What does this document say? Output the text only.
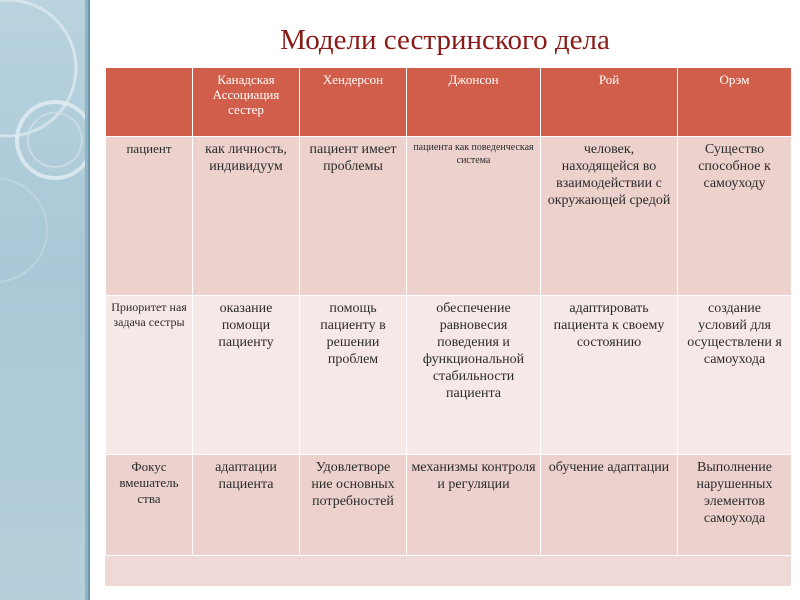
Модели сестринского дела
	Канадская Ассоциация сестер	Хендерсон	Джонсон	Рой	Орэм
пациент	как личность, индивидуум	пациент имеет проблемы	пациента как поведенческая система	человек, находящейся во взаимодействии с окружающей средой	Существо способное к самоуходу
Приоритет ная задача сестры	оказание помощи пациенту	помощь пациенту в решении проблем	обеспечение равновесия поведения и функциональной стабильности пациента	адаптировать пациента к своему состоянию	создание условий для осуществлени я самоухода
Фокус вмешатель ства	адаптации пациента	Удовлетворе ние основных потребностей	механизмы контроля и регуляции	обучение адаптации	Выполнение нарушенных элементов самоухода
